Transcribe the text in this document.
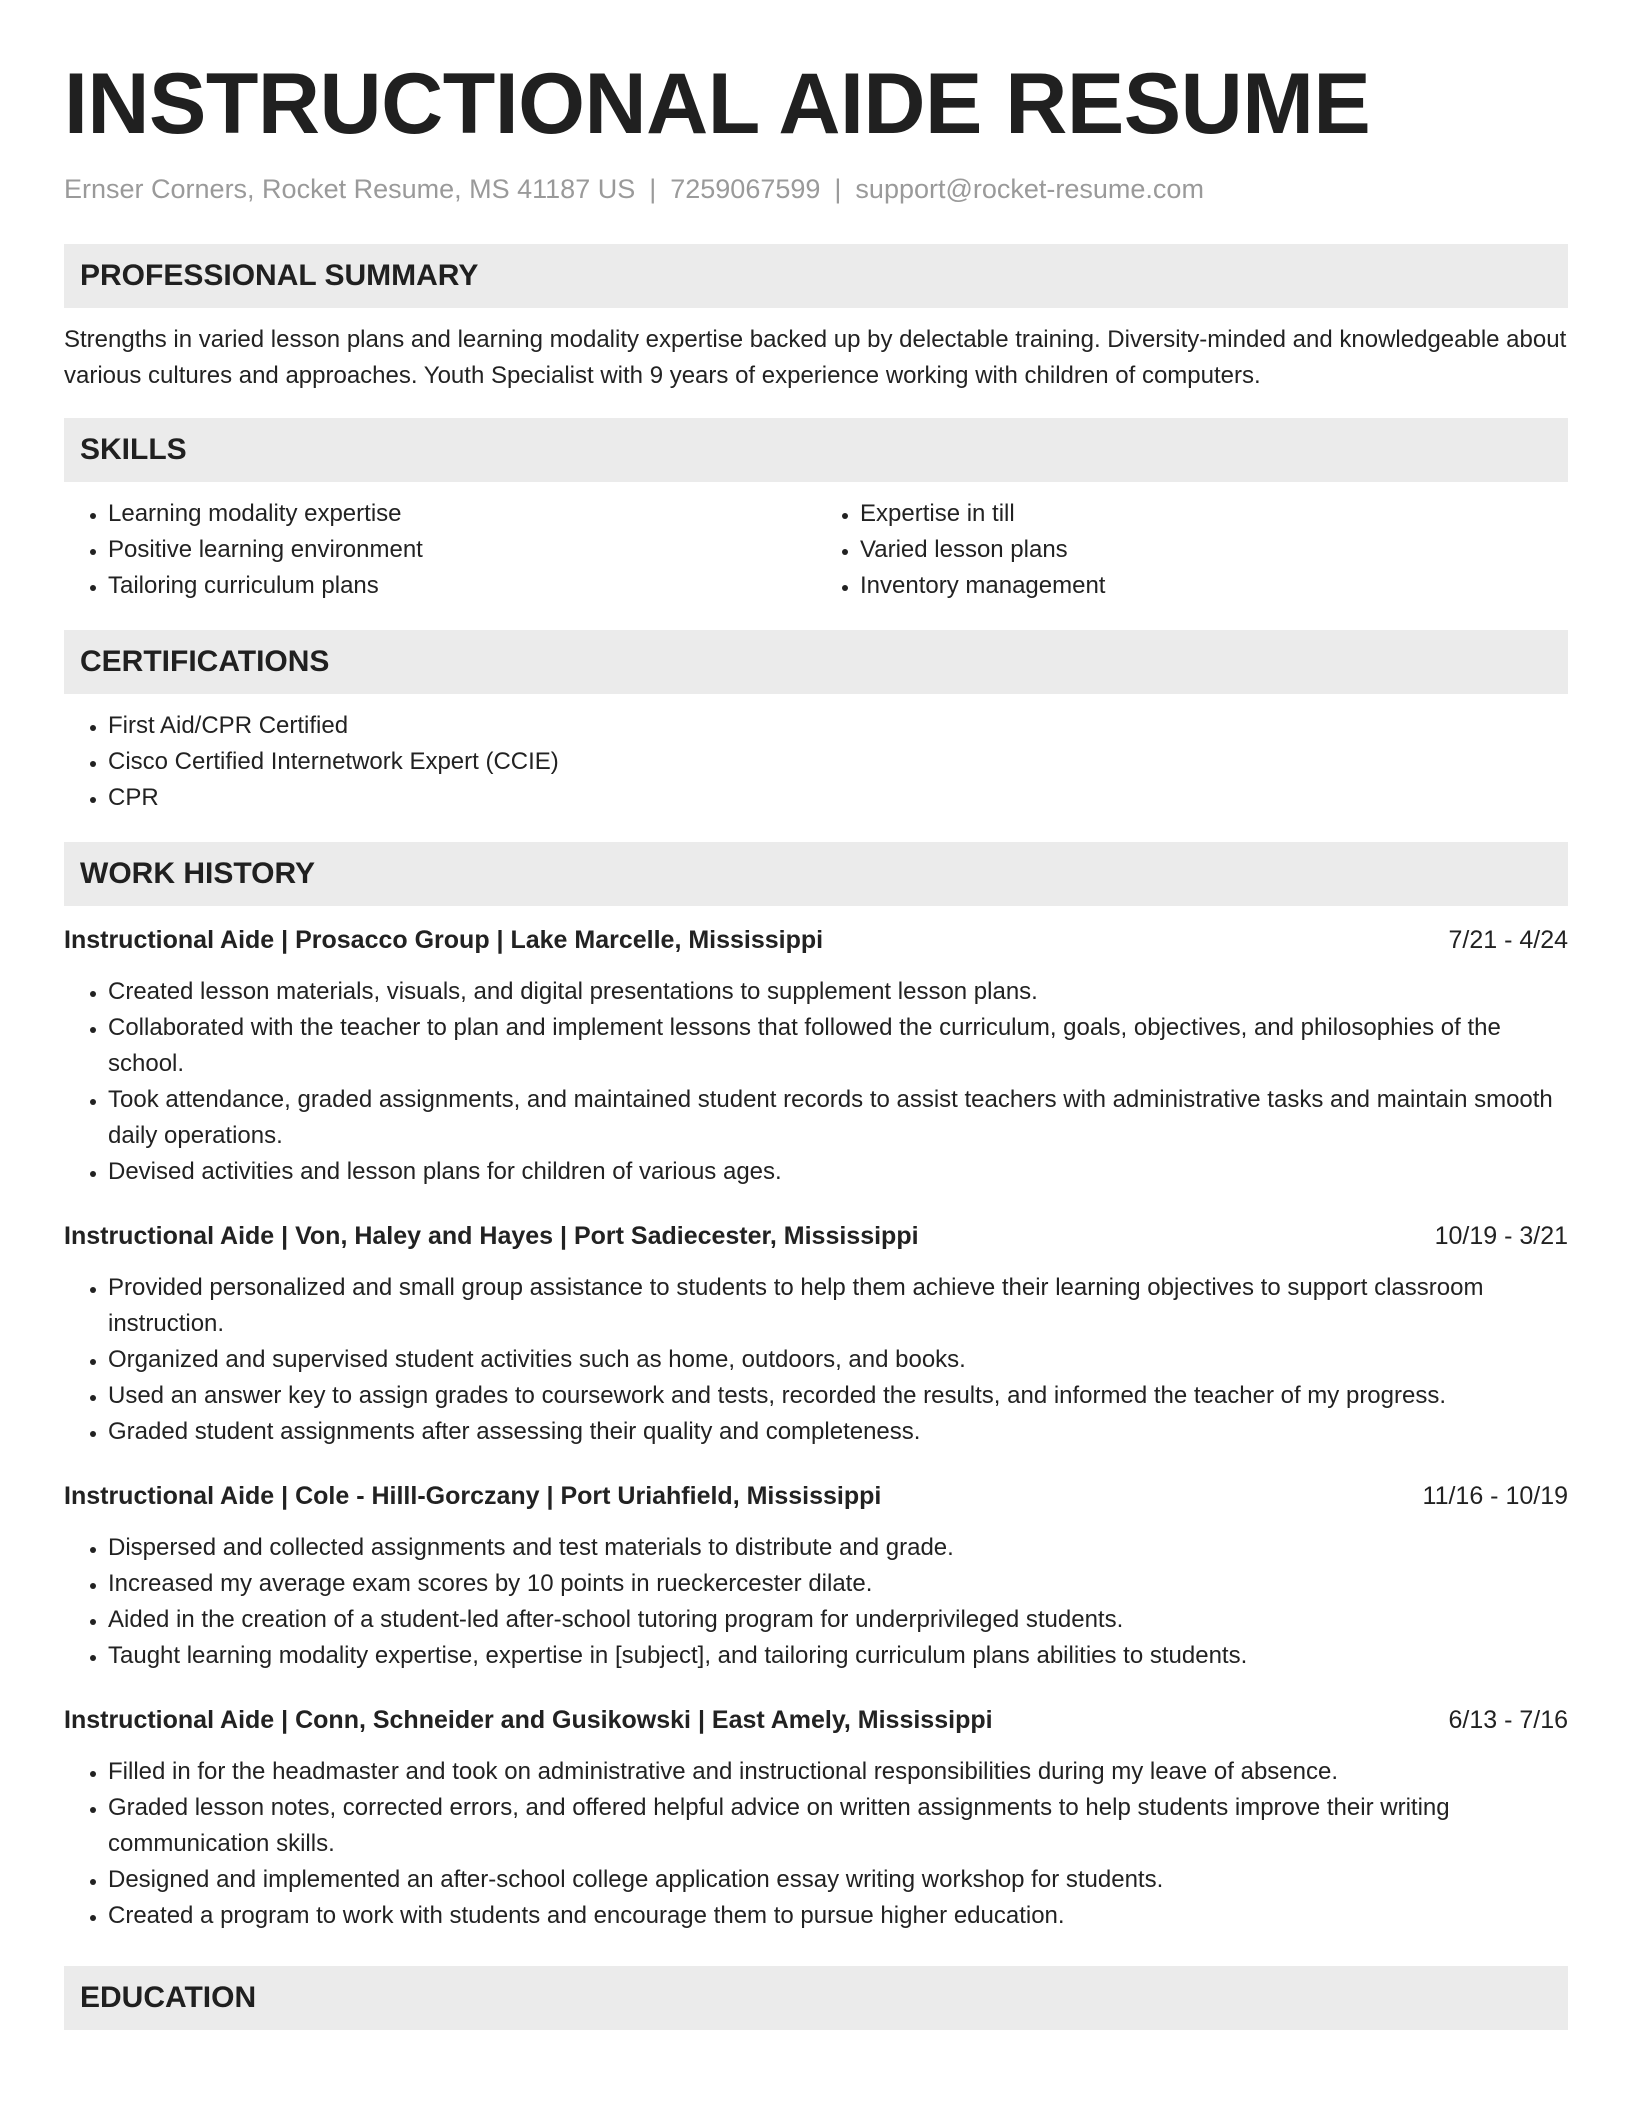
INSTRUCTIONAL AIDE RESUME
Ernser Corners, Rocket Resume, MS 41187 US | 7259067599 | support@rocket-resume.com
PROFESSIONAL SUMMARY

Strengths in varied lesson plans and learning modality expertise backed up by delectable training. Diversity-minded and knowledgeable about various cultures and approaches. Youth Specialist with 9 years of experience working with children of computers.

SKILLS
• Learning modality expertise
• Positive learning environment
• Tailoring curriculum plans
• Expertise in till
• Varied lesson plans
• Inventory management
CERTIFICATIONS
• First Aid/CPR Certified
• Cisco Certified Internetwork Expert (CCIE)
• CPR
WORK HISTORY
Instructional Aide | Prosacco Group | Lake Marcelle, Mississippi	7/21 - 4/24
• Created lesson materials, visuals, and digital presentations to supplement lesson plans.
• Collaborated with the teacher to plan and implement lessons that followed the curriculum, goals, objectives, and philosophies of the school.
• Took attendance, graded assignments, and maintained student records to assist teachers with administrative tasks and maintain smooth daily operations.
• Devised activities and lesson plans for children of various ages.
Instructional Aide | Von, Haley and Hayes | Port Sadiecester, Mississippi	10/19 - 3/21
• Provided personalized and small group assistance to students to help them achieve their learning objectives to support classroom instruction.
• Organized and supervised student activities such as home, outdoors, and books.
• Used an answer key to assign grades to coursework and tests, recorded the results, and informed the teacher of my progress.
• Graded student assignments after assessing their quality and completeness.
Instructional Aide | Cole - Hilll-Gorczany | Port Uriahfield, Mississippi	11/16 - 10/19
• Dispersed and collected assignments and test materials to distribute and grade.
• Increased my average exam scores by 10 points in rueckercester dilate.
• Aided in the creation of a student-led after-school tutoring program for underprivileged students.
• Taught learning modality expertise, expertise in [subject], and tailoring curriculum plans abilities to students.
Instructional Aide | Conn, Schneider and Gusikowski | East Amely, Mississippi	6/13 - 7/16
• Filled in for the headmaster and took on administrative and instructional responsibilities during my leave of absence.
• Graded lesson notes, corrected errors, and offered helpful advice on written assignments to help students improve their writing communication skills.
• Designed and implemented an after-school college application essay writing workshop for students.
• Created a program to work with students and encourage them to pursue higher education.
EDUCATION
